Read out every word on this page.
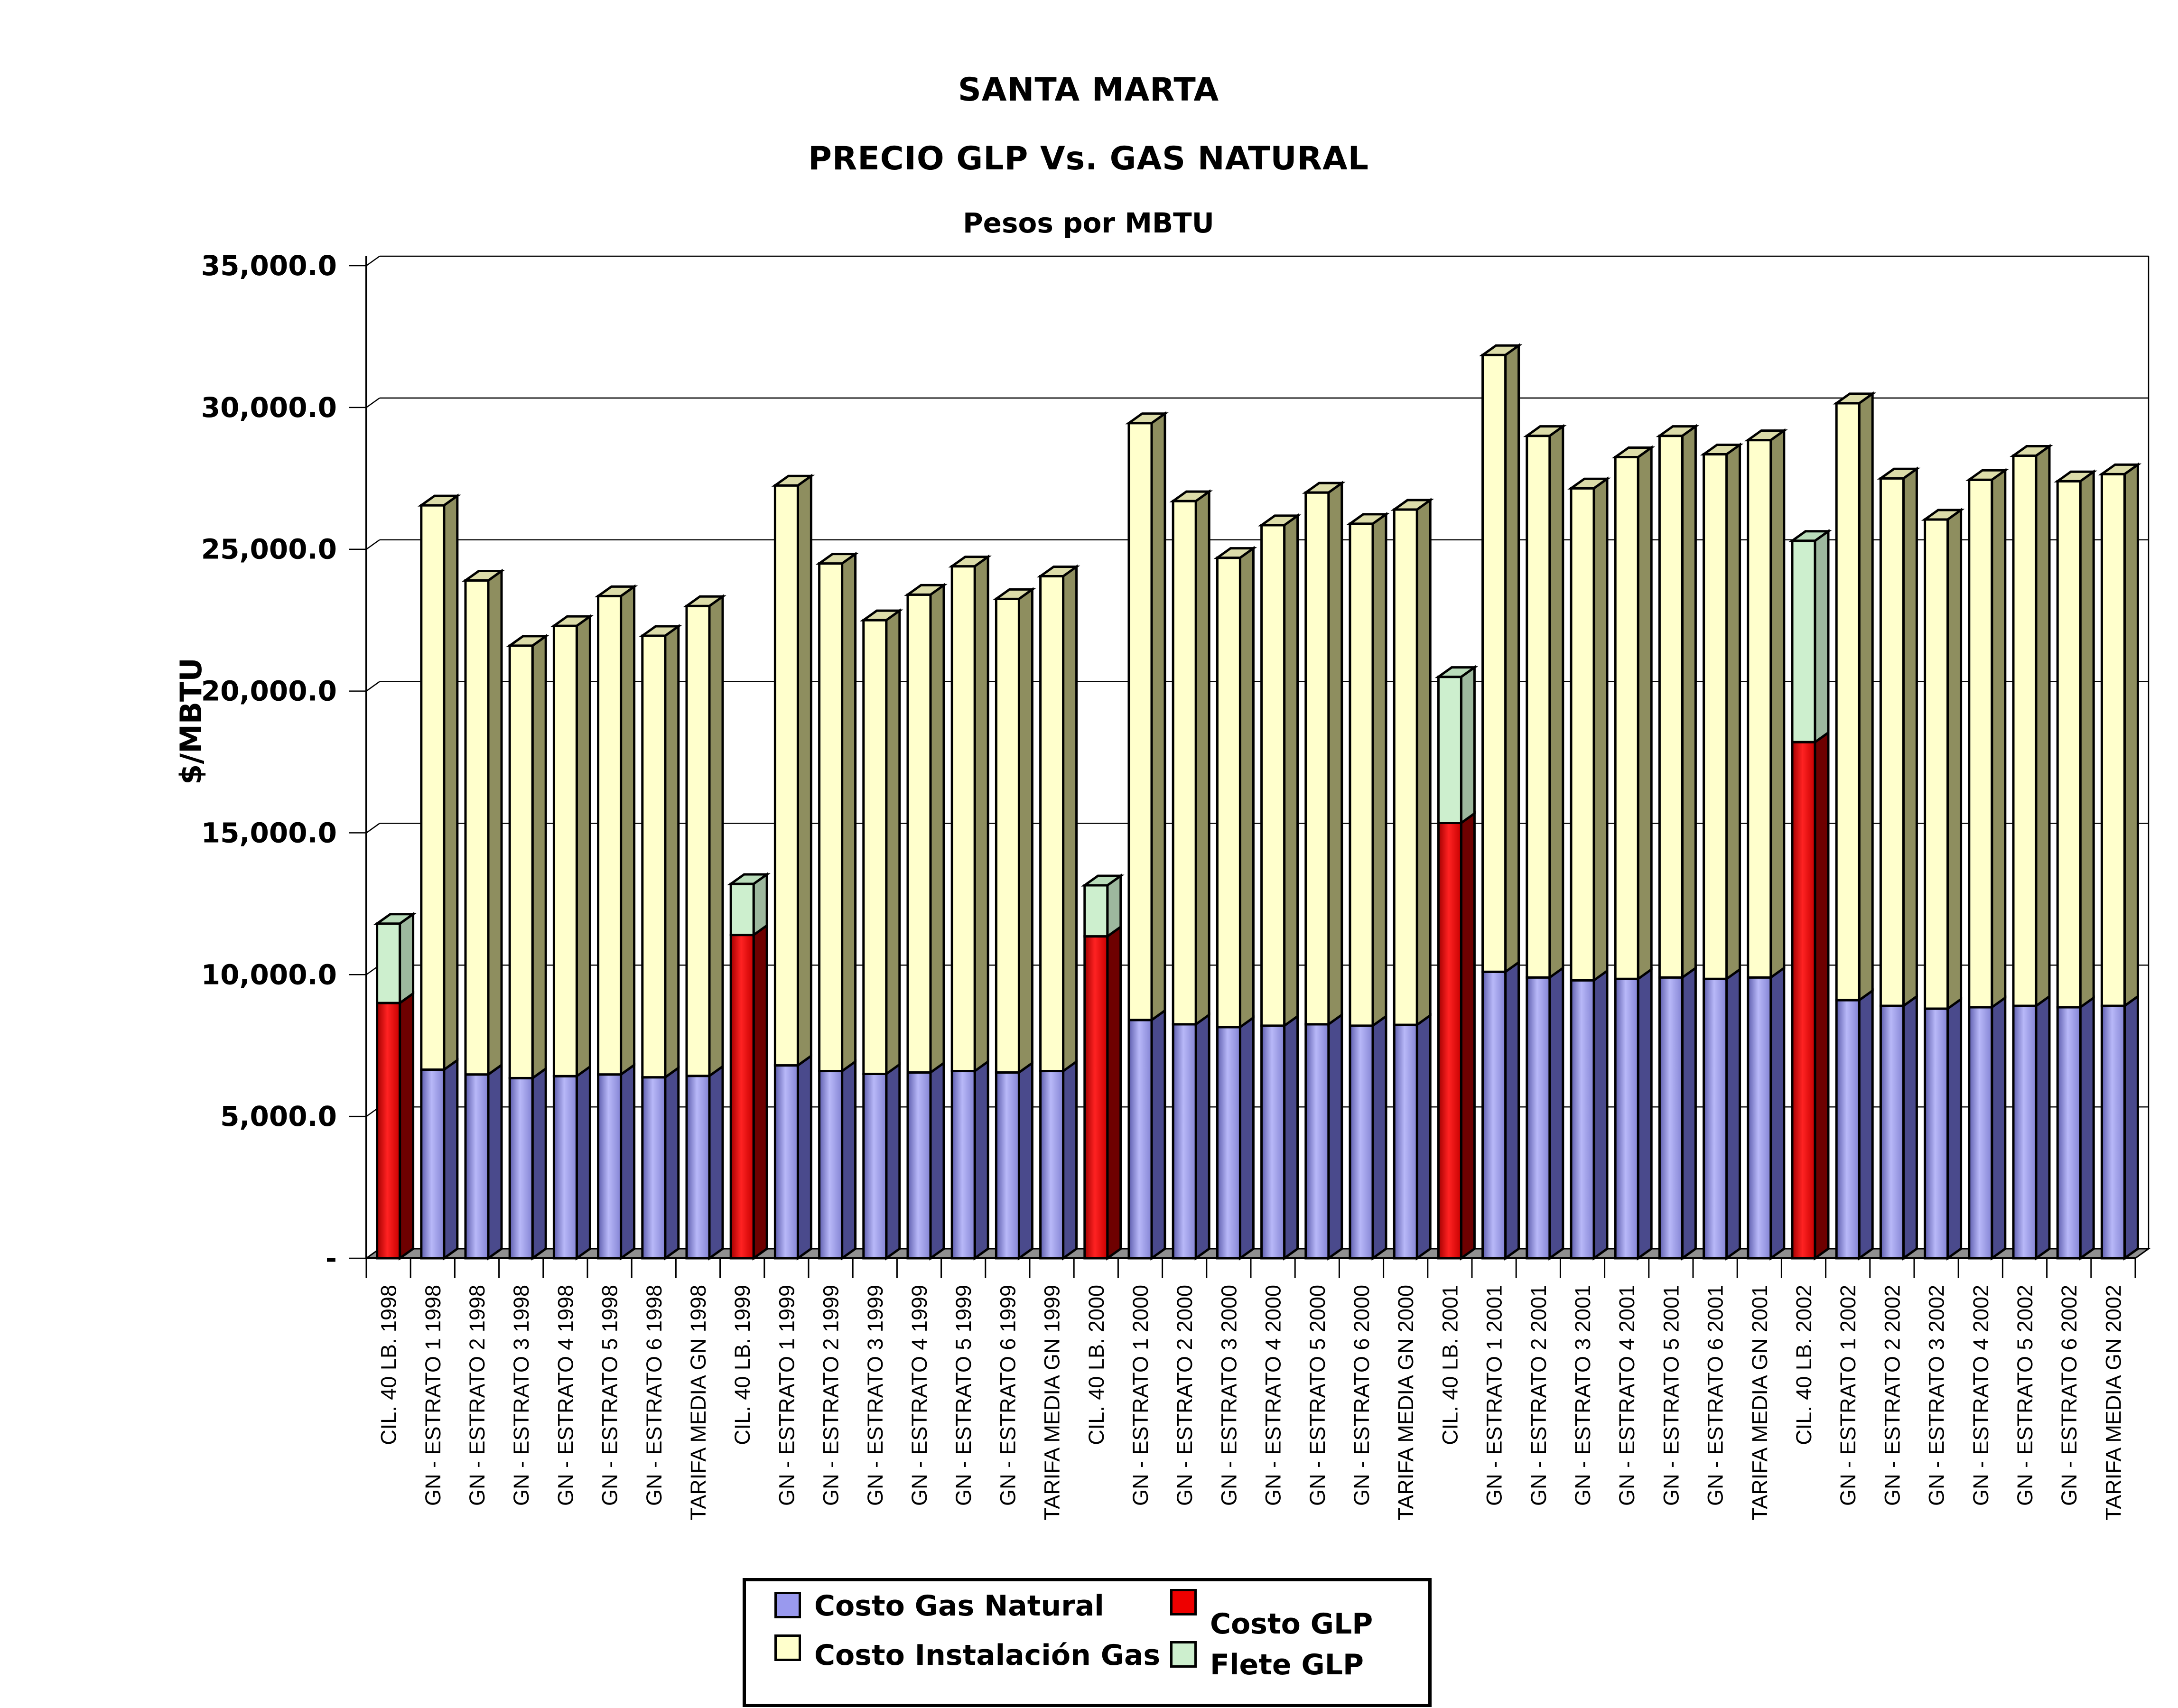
SANTA MARTA
PRECIO GLP Vs. GAS NATURAL
Pesos por MBTU
-
5,000.0
10,000.0
15,000.0
20,000.0
25,000.0
30,000.0
35,000.0
CIL. 40 LB. 1998 GN - ESTRATO 1 1998 GN - ESTRATO 2 1998 GN - ESTRATO 3 1998 GN - ESTRATO 4 1998 GN - ESTRATO 5 1998 GN - ESTRATO 6 1998 TARIFA MEDIA GN 1998 CIL. 40 LB. 1999 GN - ESTRATO 1 1999 GN - ESTRATO 2 1999 GN - ESTRATO 3 1999 GN - ESTRATO 4 1999 GN - ESTRATO 5 1999 GN - ESTRATO 6 1999 TARIFA MEDIA GN 1999 CIL. 40 LB. 2000 GN - ESTRATO 1 2000 GN - ESTRATO 2 2000 GN - ESTRATO 3 2000 GN - ESTRATO 4 2000 GN - ESTRATO 5 2000 GN - ESTRATO 6 2000 TARIFA MEDIA GN 2000 CIL. 40 LB. 2001 GN - ESTRATO 1 2001 GN - ESTRATO 2 2001 GN - ESTRATO 3 2001 GN - ESTRATO 4 2001 GN - ESTRATO 5 2001 GN - ESTRATO 6 2001 TARIFA MEDIA GN 2001 CIL. 40 LB. 2002 GN - ESTRATO 1 2002 GN - ESTRATO 2 2002 GN - ESTRATO 3 2002 GN - ESTRATO 4 2002 GN - ESTRATO 5 2002 GN - ESTRATO 6 2002 TARIFA MEDIA GN 2002
$/MBTU
Costo Gas Natural
Costo GLP
Costo Instalación Gas Flete GLP
